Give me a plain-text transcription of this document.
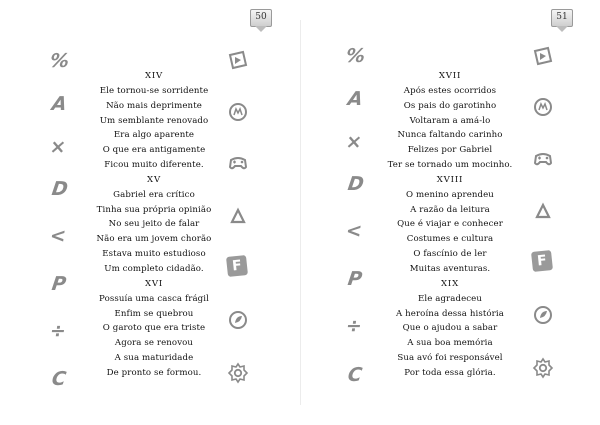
50
%
A
×
D
<
P
÷
C
XIV
Ele tornou-se sorridente
Não mais deprimente
Um semblante renovado
Era algo aparente
O que era antigamente
Ficou muito diferente.
XV
Gabriel era crítico
Tinha sua própria opinião
No seu jeito de falar
Não era um jovem chorão
Estava muito estudioso
Um completo cidadão.
XVI
Possuía uma casca frágil
Enfim se quebrou
O garoto que era triste
Agora se renovou
A sua maturidade
De pronto se formou.
F
51
%
A
×
D
<
P
÷
C
XVII
Após estes ocorridos
Os pais do garotinho
Voltaram a amá-lo
Nunca faltando carinho
Felizes por Gabriel
Ter se tornado um mocinho.
XVIII
O menino aprendeu
A razão da leitura
Que é viajar e conhecer
Costumes e cultura
O fascínio de ler
Muitas aventuras.
XIX
Ele agradeceu
A heroína dessa história
Que o ajudou a sabar
A sua boa memória
Sua avó foi responsável
Por toda essa glória.
F
